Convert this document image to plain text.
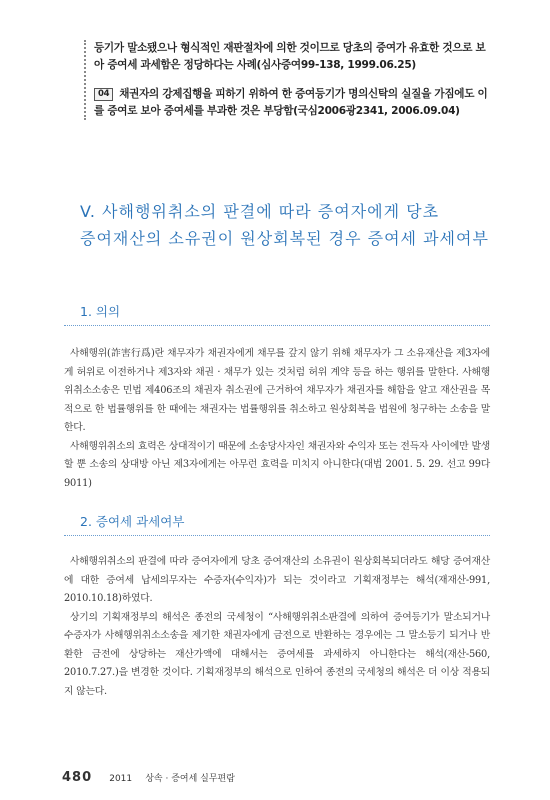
등기가 말소됐으나 형식적인 재판절차에 의한 것이므로 당초의 증여가 유효한 것으로 보아 증여세 과세함은 정당하다는 사례(심사증여99-138, 1999.06.25)

04 채권자의 강제집행을 피하기 위하여 한 증여등기가 명의신탁의 실질을 가짐에도 이를 증여로 보아 증여세를 부과한 것은 부당함(국심2006광2341, 2006.09.04)

V. 사해행위취소의 판결에 따라 증여자에게 당초
증여재산의 소유권이 원상회복된 경우 증여세 과세여부
1. 의의

사해행위(詐害行爲)란 채무자가 채권자에게 채무를 갚지 않기 위해 채무자가 그 소유재산을 제3자에게 허위로 이전하거나 제3자와 채권 · 채무가 있는 것처럼 허위 계약 등을 하는 행위를 말한다. 사해행위취소소송은 민법 제406조의 채권자 취소권에 근거하여 채무자가 채권자를 해함을 알고 재산권을 목적으로 한 법률행위를 한 때에는 채권자는 법률행위를 취소하고 원상회복을 법원에 청구하는 소송을 말한다.

사해행위취소의 효력은 상대적이기 때문에 소송당사자인 채권자와 수익자 또는 전득자 사이에만 발생할 뿐 소송의 상대방 아닌 제3자에게는 아무런 효력을 미치지 아니한다(대법 2001. 5. 29. 선고 99다9011)

2. 증여세 과세여부

사해행위취소의 판결에 따라 증여자에게 당초 증여재산의 소유권이 원상회복되더라도 해당 증여재산에 대한 증여세 납세의무자는 수증자(수익자)가 되는 것이라고 기획재정부는 해석(재재산-991, 2010.10.18)하였다.

상기의 기획재정부의 해석은 종전의 국세청이 “사해행위취소판결에 의하여 증여등기가 말소되거나 수증자가 사해행위취소소송을 제기한 채권자에게 금전으로 반환하는 경우에는 그 말소등기 되거나 반환한 금전에 상당하는 재산가액에 대해서는 증여세를 과세하지 아니한다는 해석(재산-560, 2010.7.27.)을 변경한 것이다. 기획재정부의 해석으로 인하여 종전의 국세청의 해석은 더 이상 적용되지 않는다.

480 2011 상속 · 증여세 실무편람
